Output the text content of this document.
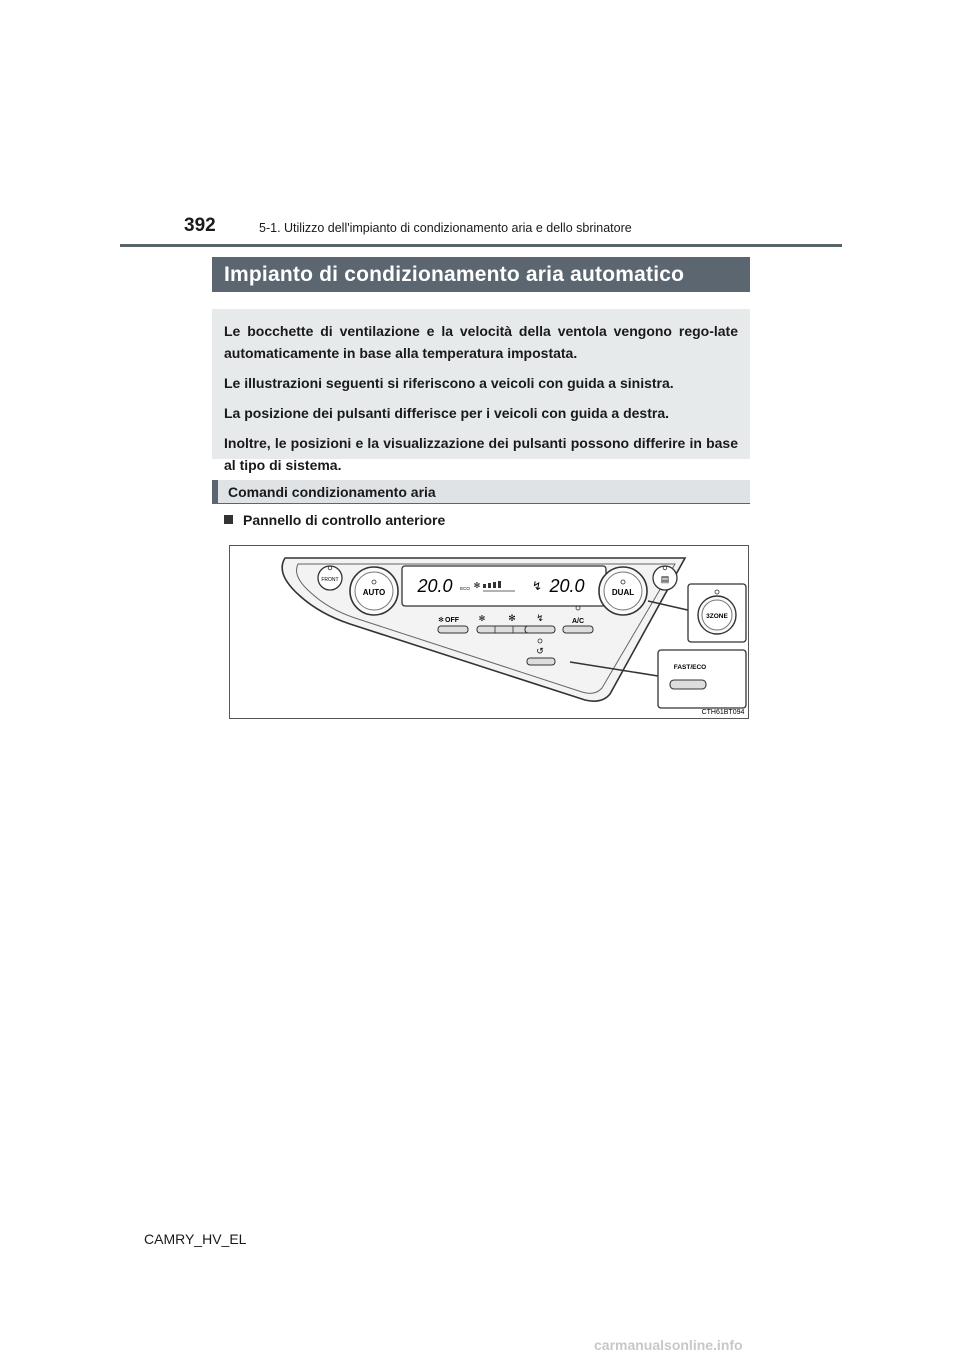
392	5-1. Utilizzo dell'impianto di condizionamento aria e dello sbrinatore
Impianto di condizionamento aria automatico

Le bocchette di ventilazione e la velocità della ventola vengono rego-late automaticamente in base alla temperatura impostata.

Le illustrazioni seguenti si riferiscono a veicoli con guida a sinistra.

La posizione dei pulsanti differisce per i veicoli con guida a destra.

Inoltre, le posizioni e la visualizzazione dei pulsanti possono differire in base al tipo di sistema.

Comandi condizionamento aria
Pannello di controllo anteriore
FRONT
AUTO 20.0 ECO ✻	↯ 20.0	DUAL
▤
OFF
✻	✻	✻ ↯	A/C
↺
3ZONE
FAST/ECO
CTH61BT094
CAMRY_HV_EL
carmanualsonline.info
